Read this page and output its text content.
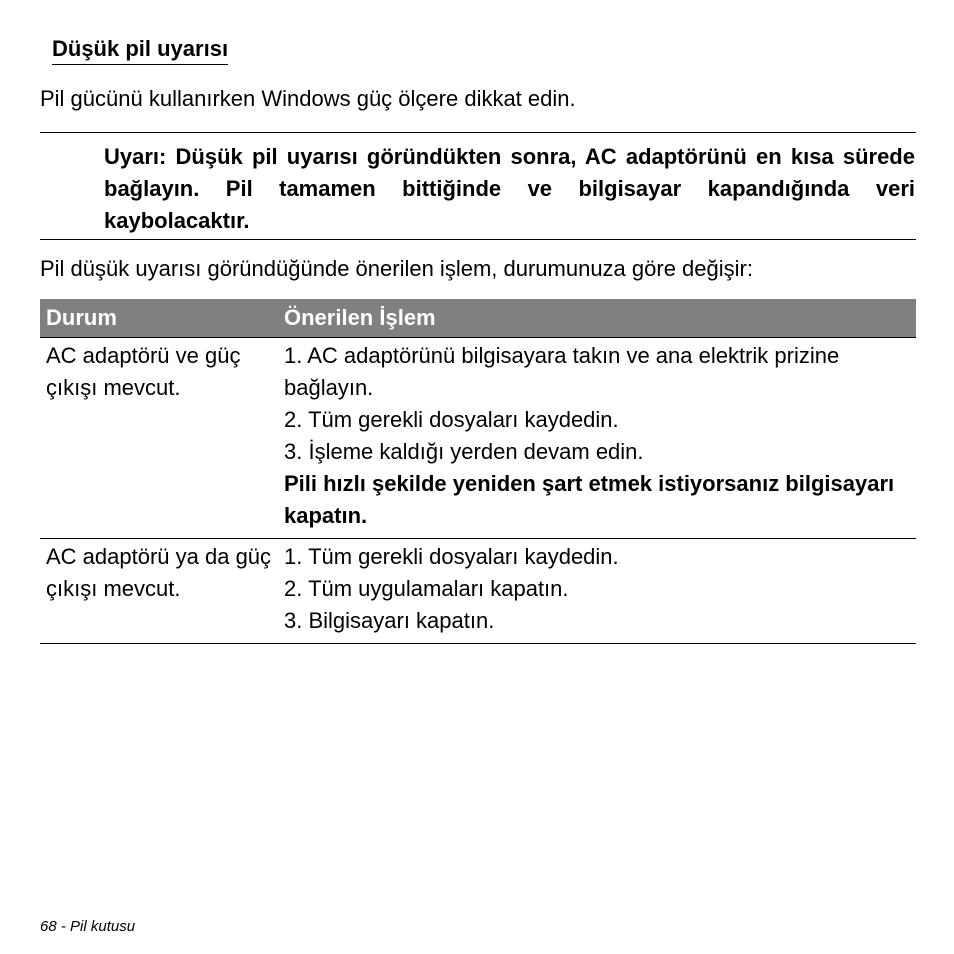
Düşük pil uyarısı
Pil gücünü kullanırken Windows güç ölçere dikkat edin.
Uyarı: Düşük pil uyarısı göründükten sonra, AC adaptörünü en kısa sürede bağlayın. Pil tamamen bittiğinde ve bilgisayar kapandığında veri kaybolacaktır.
Pil düşük uyarısı göründüğünde önerilen işlem, durumunuza göre değişir:
Durum	Önerilen İşlem
AC adaptörü ve güç çıkışı mevcut.	1. AC adaptörünü bilgisayara takın ve ana elektrik prizine bağlayın.
2. Tüm gerekli dosyaları kaydedin.
3. İşleme kaldığı yerden devam edin.
Pili hızlı şekilde yeniden şart etmek istiyorsanız bilgisayarı kapatın.

AC adaptörü ya da güç çıkışı mevcut.	1. Tüm gerekli dosyaları kaydedin.
2. Tüm uygulamaları kapatın.
3. Bilgisayarı kapatın.
68 - Pil kutusu
